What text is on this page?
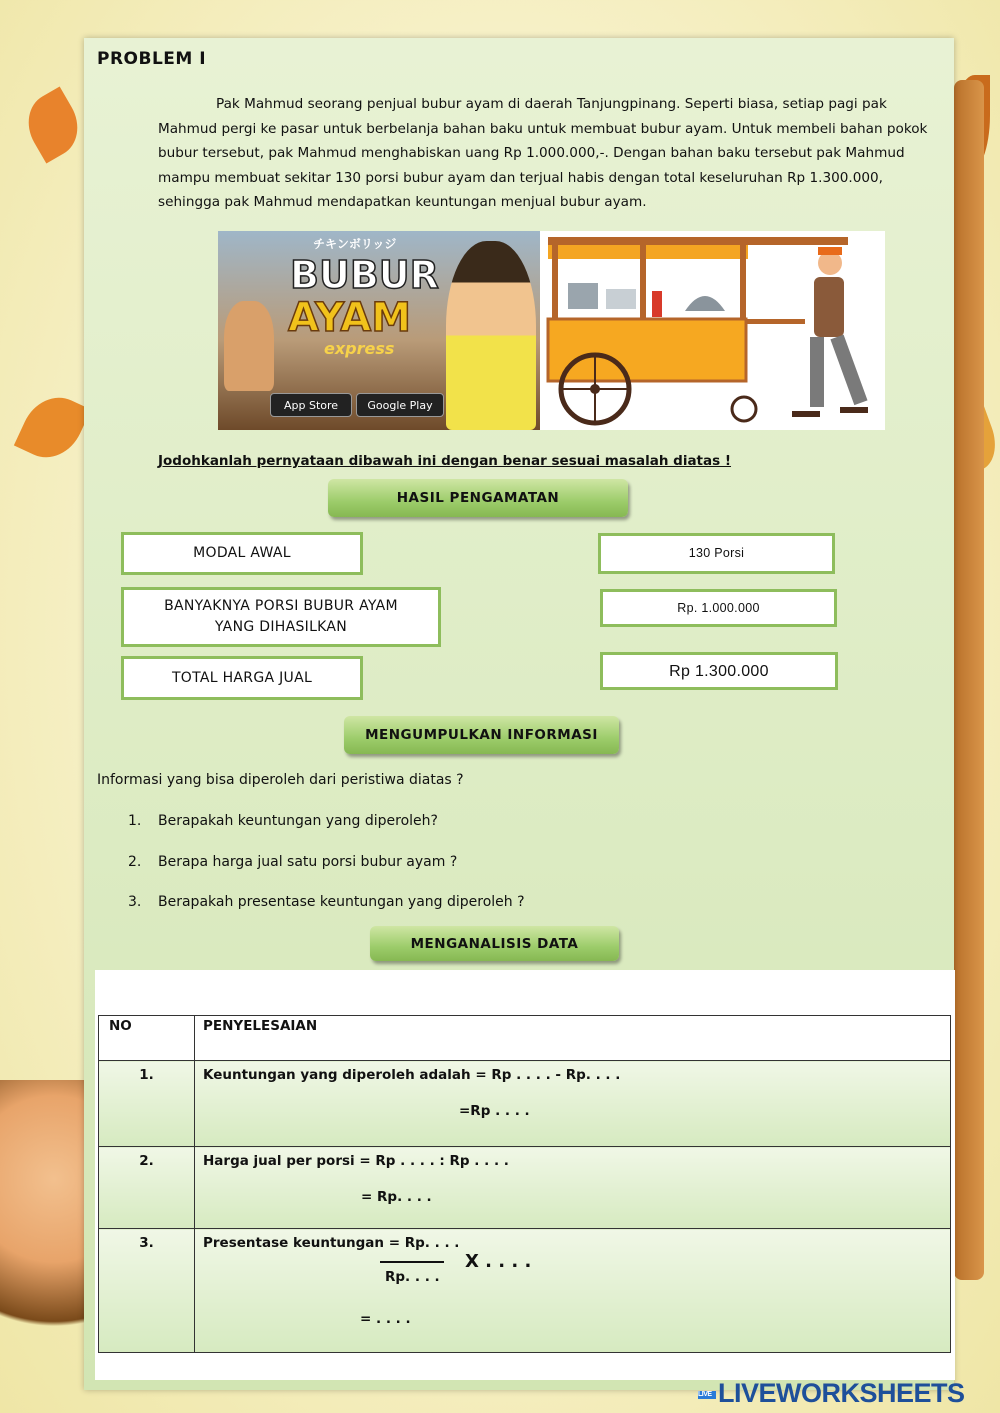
PROBLEM I
Pak Mahmud seorang penjual bubur ayam di daerah Tanjungpinang. Seperti biasa, setiap pagi pak Mahmud pergi ke pasar untuk berbelanja bahan baku untuk membuat bubur ayam. Untuk membeli bahan pokok bubur tersebut, pak Mahmud menghabiskan uang Rp 1.000.000,-. Dengan bahan baku tersebut pak Mahmud mampu membuat sekitar 130 porsi bubur ayam dan terjual habis dengan total keseluruhan Rp 1.300.000, sehingga pak Mahmud mendapatkan keuntungan menjual bubur ayam.
チキンボリッジ
BUBUR
AYAM
express
App Store	Google Play
Jodohkanlah pernyataan dibawah ini dengan benar sesuai masalah diatas !
HASIL PENGAMATAN
MODAL AWAL
BANYAKNYA PORSI BUBUR AYAM YANG DIHASILKAN
TOTAL HARGA JUAL
130 Porsi
Rp. 1.000.000
Rp 1.300.000
MENGUMPULKAN INFORMASI
Informasi yang bisa diperoleh dari peristiwa diatas ?
1. Berapakah keuntungan yang diperoleh?
2. Berapa harga jual satu porsi bubur ayam ?
3. Berapakah presentase keuntungan yang diperoleh ?
MENGANALISIS DATA
NO	PENYELESAIAN
1.	Keuntungan yang diperoleh adalah = Rp . . . . - Rp. . . .
=Rp . . . .

2.	Harga jual per porsi = Rp . . . . : Rp . . . .
= Rp. . . .

3.	Presentase keuntungan = Rp. . . .
Rp. . . .
X . . . .
= . . . .
LIVE LIVEWORKSHEETS
